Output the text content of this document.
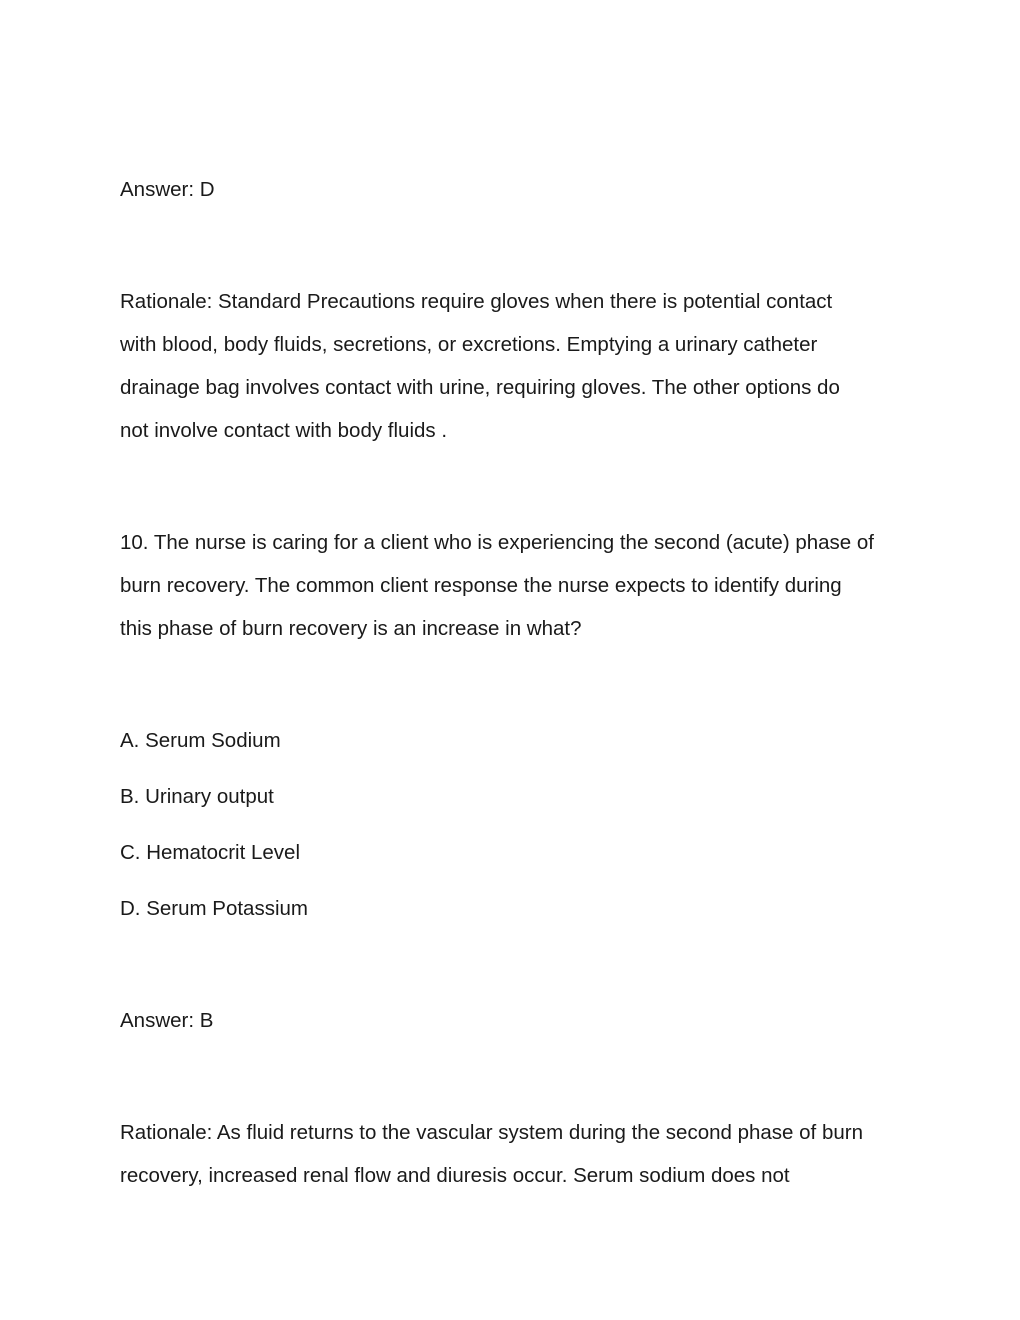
Answer: D
Rationale: Standard Precautions require gloves when there is potential contact
with blood, body fluids, secretions, or excretions. Emptying a urinary catheter
drainage bag involves contact with urine, requiring gloves. The other options do
not involve contact with body fluids .
10. The nurse is caring for a client who is experiencing the second (acute) phase of
burn recovery. The common client response the nurse expects to identify during
this phase of burn recovery is an increase in what?
A. Serum Sodium
B. Urinary output
C. Hematocrit Level
D. Serum Potassium
Answer: B
Rationale: As fluid returns to the vascular system during the second phase of burn
recovery, increased renal flow and diuresis occur. Serum sodium does not
